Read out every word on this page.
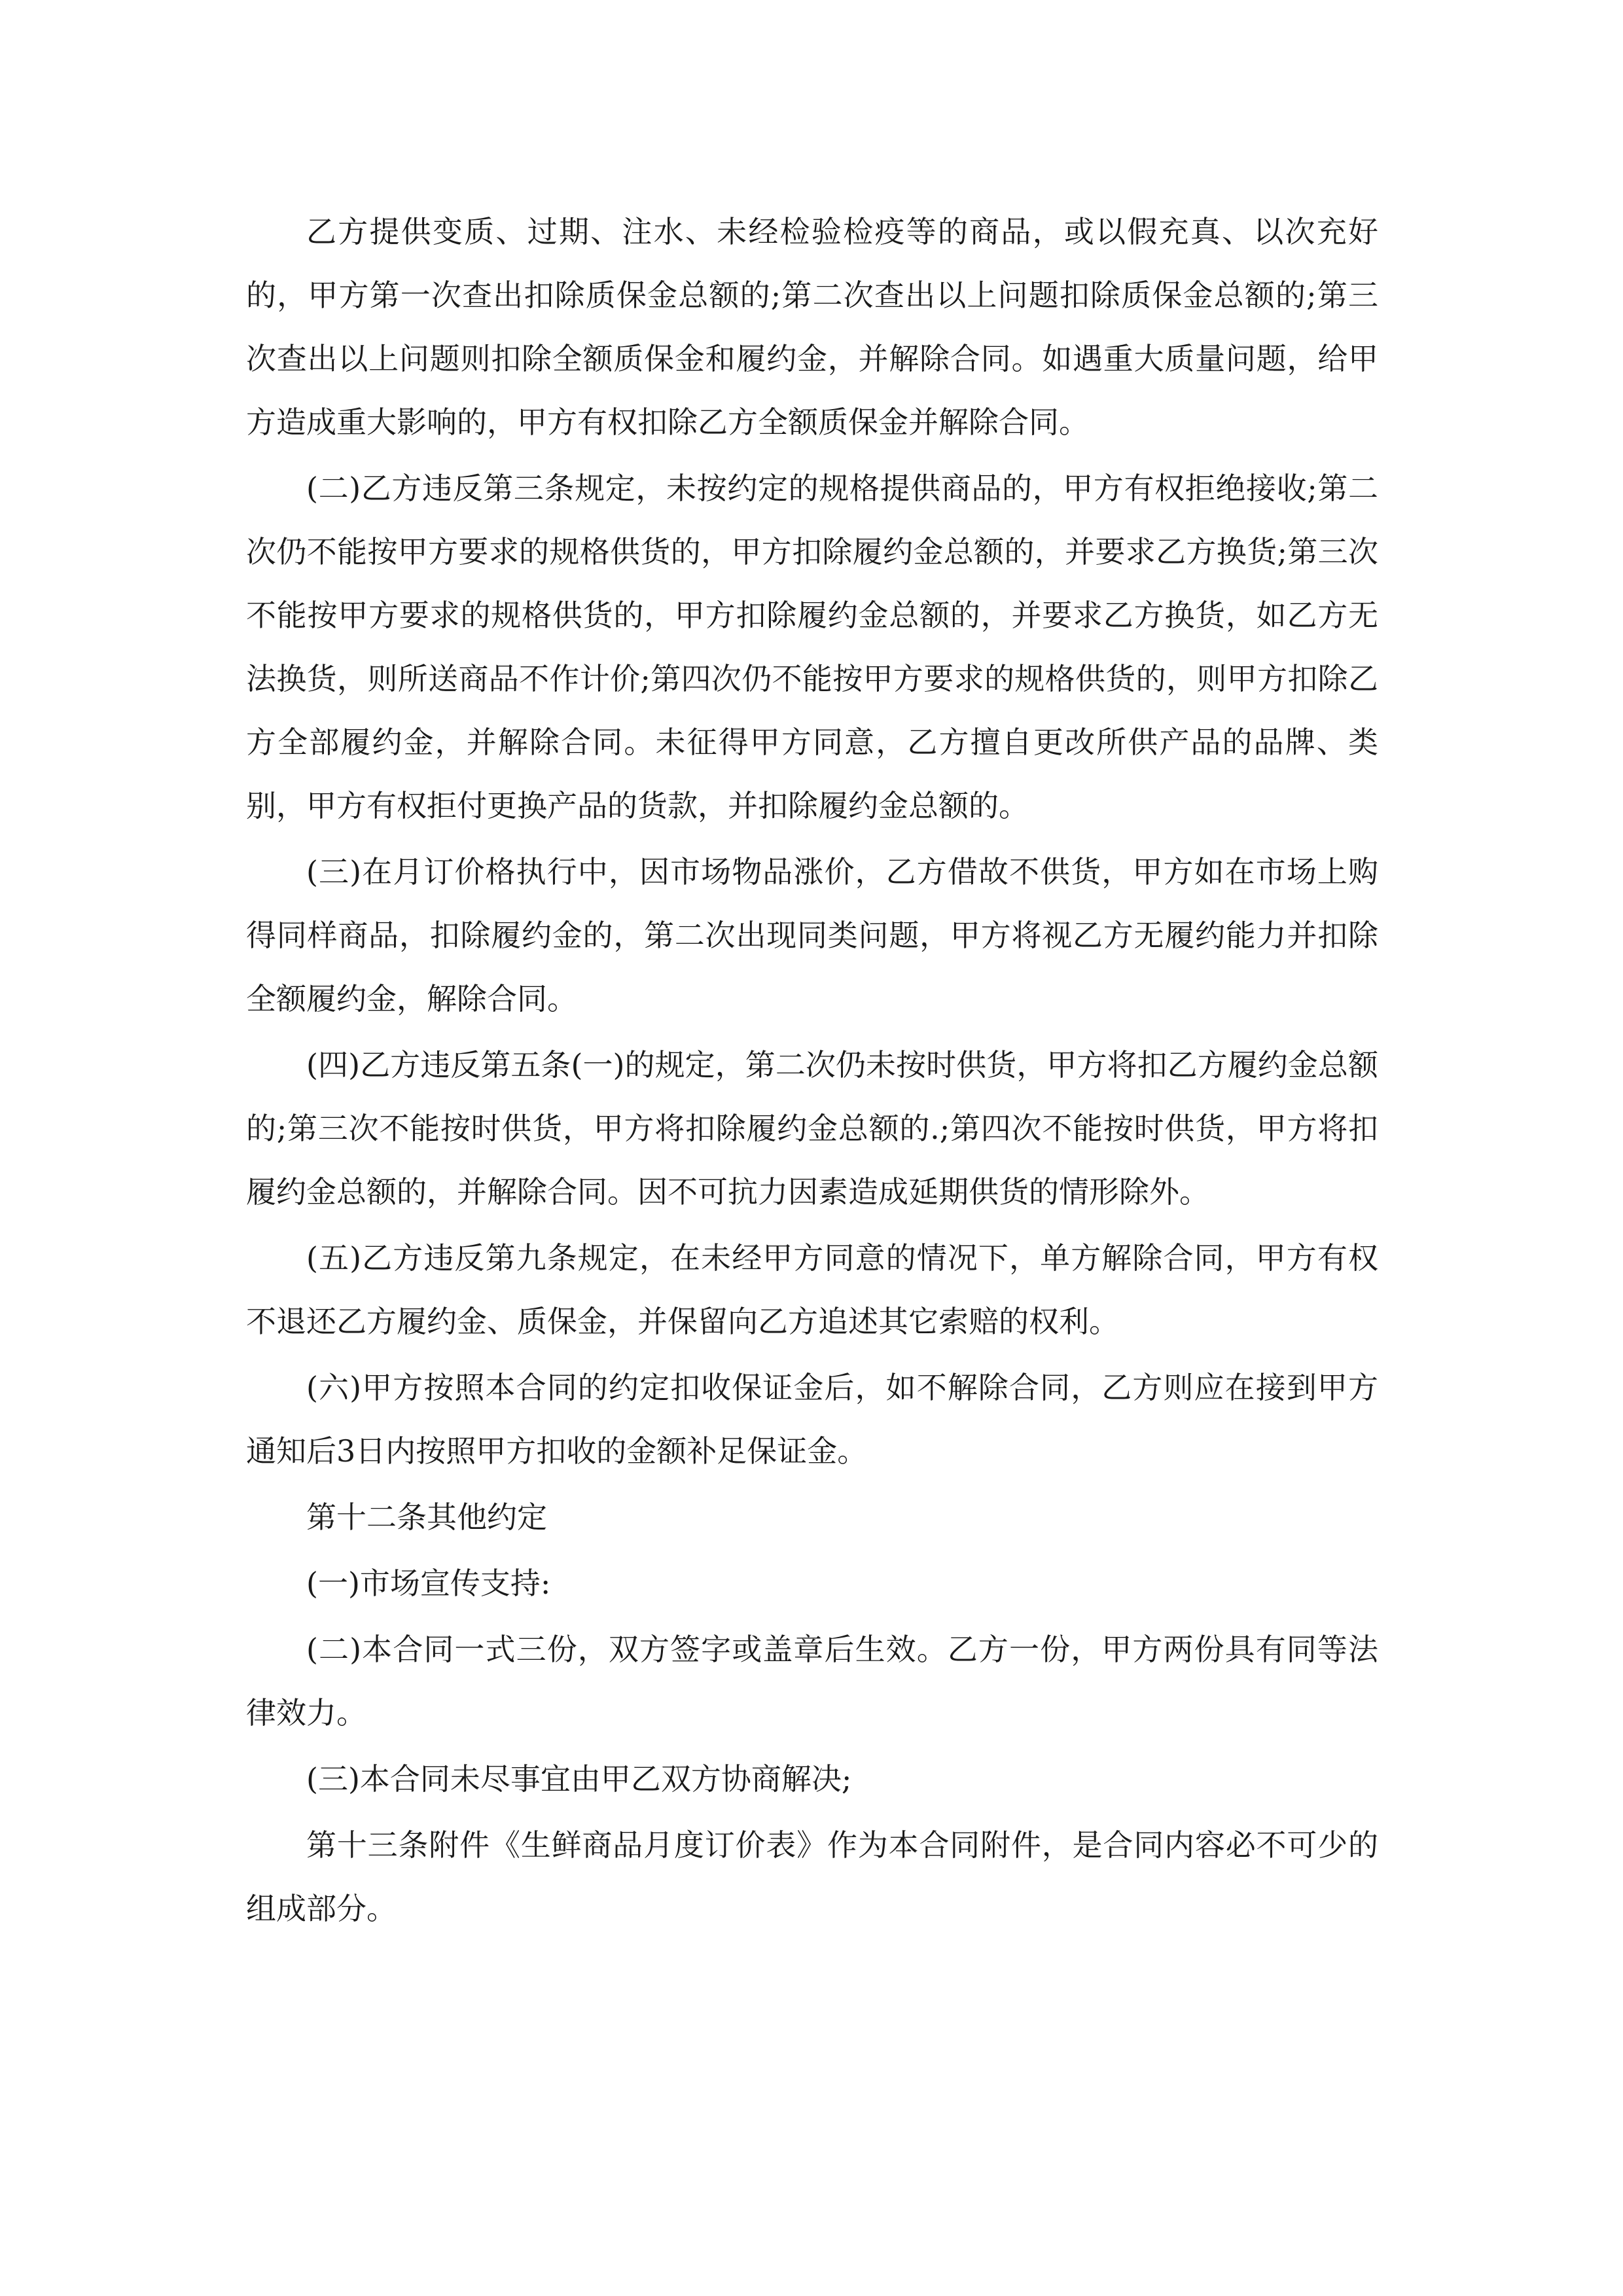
乙方提供变质、过期、注水、未经检验检疫等的商品，或以假充真、以次充好的，甲方第一次查出扣除质保金总额的;第二次查出以上问题扣除质保金总额的;第三次查出以上问题则扣除全额质保金和履约金，并解除合同。如遇重大质量问题，给甲方造成重大影响的，甲方有权扣除乙方全额质保金并解除合同。

(二)乙方违反第三条规定，未按约定的规格提供商品的，甲方有权拒绝接收;第二次仍不能按甲方要求的规格供货的，甲方扣除履约金总额的，并要求乙方换货;第三次不能按甲方要求的规格供货的，甲方扣除履约金总额的，并要求乙方换货，如乙方无法换货，则所送商品不作计价;第四次仍不能按甲方要求的规格供货的，则甲方扣除乙方全部履约金，并解除合同。未征得甲方同意，乙方擅自更改所供产品的品牌、类别，甲方有权拒付更换产品的货款，并扣除履约金总额的。

(三)在月订价格执行中，因市场物品涨价，乙方借故不供货，甲方如在市场上购得同样商品，扣除履约金的，第二次出现同类问题，甲方将视乙方无履约能力并扣除全额履约金，解除合同。

(四)乙方违反第五条(一)的规定，第二次仍未按时供货，甲方将扣乙方履约金总额的;第三次不能按时供货，甲方将扣除履约金总额的.;第四次不能按时供货，甲方将扣履约金总额的，并解除合同。因不可抗力因素造成延期供货的情形除外。

(五)乙方违反第九条规定，在未经甲方同意的情况下，单方解除合同，甲方有权不退还乙方履约金、质保金，并保留向乙方追述其它索赔的权利。

(六)甲方按照本合同的约定扣收保证金后，如不解除合同，乙方则应在接到甲方通知后3日内按照甲方扣收的金额补足保证金。

第十二条其他约定

(一)市场宣传支持:

(二)本合同一式三份，双方签字或盖章后生效。乙方一份，甲方两份具有同等法律效力。

(三)本合同未尽事宜由甲乙双方协商解决;

第十三条附件《生鲜商品月度订价表》作为本合同附件，是合同内容必不可少的组成部分。
